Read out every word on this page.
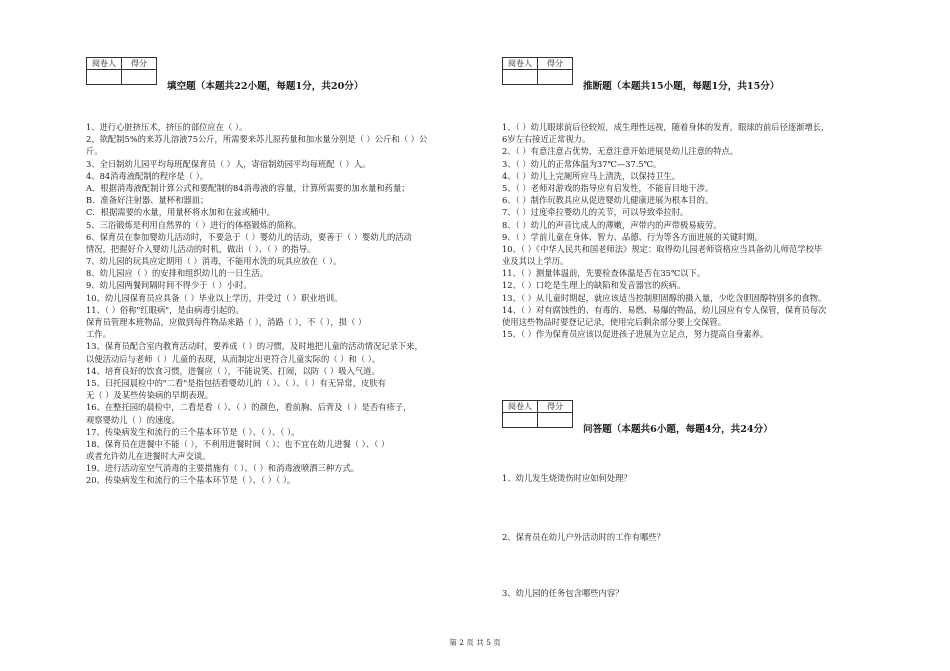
阅卷人	得分

填空题（本题共22小题，每题1分，共20分）
1、进行心脏挤压术，挤压的部位应在（ ）。
2、欲配制5%的来苏儿溶液75公斤，所需要来苏儿原药量和加水量分别是（ ）公斤和（ ）公
斤。
3、全日制幼儿园平均每班配保育员（ ）人，寄宿制幼园平均每班配（ ）人。
4、84消毒液配制的程序是（ ）。
A．根据消毒液配制计算公式和要配制的84消毒液的容量，计算所需要的加水量和药量；
B．准备好注射器、量杯和器皿；
C．根据需要的水量，用量杯将水加和在盆或桶中。
5、三浴锻炼是利用自然界的（ ）进行的体格锻炼的简称。
6、保育员在参加婴幼儿活动时，不要急于（ ）婴幼儿的活动，要善于（ ）婴幼儿的活动
情况，把握好介入婴幼儿活动的时机，做出（ ）、（ ）的指导。
7、幼儿园的玩具应定期用（ ）消毒，不能用水洗的玩具应放在（ ）。
8、幼儿园应（ ）的安排和组织幼儿的一日生活。
9、幼儿园两餐间隔时间不得少于（ ）小时。
10、幼儿园保育员应具备（ ）毕业以上学历，并受过（ ）职业培训。
11、（ ）俗称"红眼病"，是由病毒引起的。
保育员管理本班物品，应做到每件物品来路（ ），消路（ ），不（ ），损（ ）
工作。
13、保育员配合室内教育活动时，要养成（ ）的习惯，及时地把儿童的活动情况记录下来，
以便活动后与老师（ ）儿童的表现，从而制定出更符合儿童实际的（ ）和（ ）。
14、培育良好的饮食习惯，进餐应（ ），不能说笑、打闹，以防（ ）吸入气道。
15、日托园晨检中的"二看"是指包括看婴幼儿的（ ）、（ ）、（ ）有无异常，皮肤有
无（ ）及某些传染病的早期表现。
16、在整托园的晨检中，二看是看（ ）、（ ）的颜色，看前胸、后背及（ ）是否有疹子，
观察婴幼儿（ ）的速度。
17、传染病发生和流行的三个基本环节是（ ）、（ ）、（ ）。
18、保育员在进餐中不能（ ），不利用进餐时间（ ）；也不宜在幼儿进餐（ ）、（ ）
或者允许幼儿在进餐时大声交谈。
19、进行活动室空气消毒的主要措施有（ ）、（ ）和消毒液喷洒三种方式。
20、传染病发生和流行的三个基本环节是（ ）、（ ）（ ）。
阅卷人	得分

推断题（本题共15小题，每题1分，共15分）
1、（ ）幼儿眼球前后径较短，成生理性远视，随着身体的发育，眼球的前后径逐渐增长，
6岁左右接近正常视力。
2、（ ）有意注意占优势，无意注意开始进展是幼儿注意的特点。
3、（ ）幼儿的正常体温为37℃—37.5℃。
4、（ ）幼儿上完厕所应马上清洗，以保持卫生。
5、（ ）老师对游戏的指导应有启发性，不能盲目地干涉。
6、（ ）制作玩教具应从促进婴幼儿健康进展为根本目的。
7、（ ）过度牵拉婴幼儿的关节，可以导致牵拉肘。
8、（ ）幼儿的声音比成人的薄嫩，声带内的声带极易疲劳。
9、（ ）学前儿童在身体、智力、品德、行为等各方面进展的关键时期。
10、（ ）《中华人民共和国老师法》规定：取得幼儿园老师资格应当具备幼儿师范学校毕
业及其以上学历。
11、（ ）测量体温前，先要检查体温是否在35℃以下。
12、（ ）口吃是生理上的缺陷和发音器官的疾病。
13、（ ）从儿童时期起，就应该适当控制胆固醇的摄入量，少吃含胆固醇特别多的食物。
14、（ ）对有腐蚀性的、有毒的、易燃、易爆的物品，幼儿园应有专人保管，保育员每次
使用这些物品时要登记记录，使用完后剩余部分要上交保管。
15、（ ）作为保育员应该以促进孩子进展为立足点，努力提高自身素养。
阅卷人	得分

问答题（本题共6小题，每题4分，共24分）
1、幼儿发生烧烫伤时应如何处理？
2、保育员在幼儿户外活动时的工作有哪些？
3、幼儿园的任务包含哪些内容？
第 2 页 共 5 页
